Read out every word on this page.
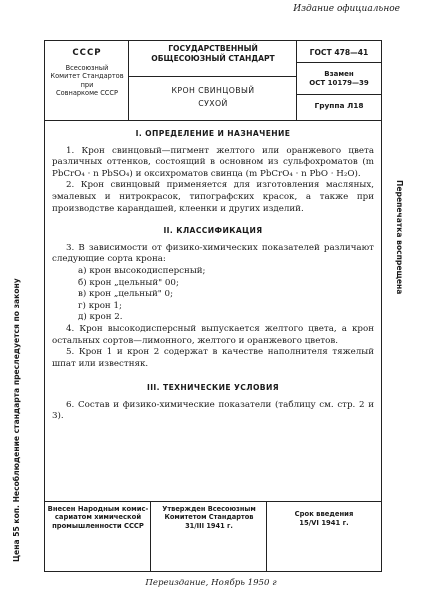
Издание официальное
СССР
Всесоюзный
Комитет Стандартов
при
Совнаркоме СССР
ГОСУДАРСТВЕННЫЙ
ОБЩЕСОЮЗНЫЙ СТАНДАРТ
КРОН СВИНЦОВЫЙ
СУХОЙ
ГОСТ 478—41
Взамен
ОСТ 10179—39
Группа Л18
I. ОПРЕДЕЛЕНИЕ И НАЗНАЧЕНИЕ

1. Крон свинцовый—пигмент желтого или оранжевого цвета различных оттенков, состоящий в основном из сульфохроматов (m PbCrO₄ · n PbSO₄) и оксихроматов свинца (m PbCrO₄ · n PbO · H₂O).

2. Крон свинцовый применяется для изготовления масляных, эмалевых и нитрокрасок, типографских красок, а также при производстве карандашей, клеенки и других изделий.

II. КЛАССИФИКАЦИЯ

3. В зависимости от физико-химических показателей различают следующие сорта крона:

а) крон высокодисперсный;

б) крон „цельный" 00;

в) крон „цельный" 0;

г) крон 1;

д) крон 2.

4. Крон высокодисперсный выпускается желтого цвета, а крон остальных сортов—лимонного, желтого и оранжевого цветов.

5. Крон 1 и крон 2 содержат в качестве наполнителя тяжелый шпат или известняк.

III. ТЕХНИЧЕСКИЕ УСЛОВИЯ

6. Состав и физико-химические показатели (таблицу см. стр. 2 и 3).

Внесен Народным комис-
сариатом химической
промышленности СССР
Утвержден Всесоюзным
Комитетом Стандартов
31/III 1941 г.
Срок введения
15/VI 1941 г.
Переиздание, Ноябрь 1950 г
Цена 55 коп. Несоблюдение стандарта преследуется по закону
Перепечатка воспрещена
